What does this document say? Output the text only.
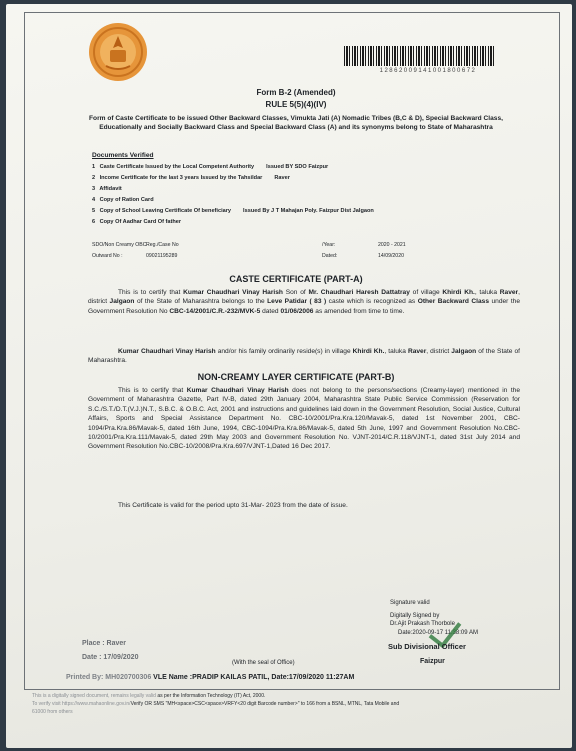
12862009141001800672
Form B-2 (Amended)
RULE 5(5)(4)(IV)
Form of Caste Certificate to be issued Other Backward Classes, Vimukta Jati (A) Nomadic Tribes (B,C & D), Special Backward Class, Educationally and Socially Backward Class and Special Backward Class (A) and its synonyms belong to State of Maharashtra
Documents Verified
1 Caste Certificate Issued by the Local Competent Authority Issued BY SDO Faizpur
2 Income Certificate for the last 3 years Issued by the Tahsildar Raver
3 Affidavit
4 Copy of Ration Card
5 Copy of School Leaving Certificate Of beneficiary Issued By J T Mahajan Poly. Faizpur Dist Jalgaon
6 Copy Of Aadhar Card Of father
SDO/Non Creamy OBC Reg./Case No	/Year:	2020 - 2021
Outward No :	09021195289	Dated:	14/09/2020
CASTE CERTIFICATE (PART-A)
This is to certify that Kumar Chaudhari Vinay Harish Son of Mr. Chaudhari Haresh Dattatray of village Khirdi Kh., taluka Raver, district Jalgaon of the State of Maharashtra belongs to the Leve Patidar ( 83 ) caste which is recognized as Other Backward Class under the Government Resolution No CBC-14/2001/C.R.-232/MVK-5 dated 01/06/2006 as amended from time to time.
Kumar Chaudhari Vinay Harish and/or his family ordinarily reside(s) in village Khirdi Kh., taluka Raver, district Jalgaon of the State of Maharashtra.
NON-CREAMY LAYER CERTIFICATE (PART-B)
This is to certify that Kumar Chaudhari Vinay Harish does not belong to the persons/sections (Creamy-layer) mentioned in the Government of Maharashtra Gazette, Part IV-B, dated 29th January 2004, Maharashtra State Public Service Commission (Reservation for S.C./S.T./D.T.(V.J.)N.T., S.B.C. & O.B.C. Act, 2001 and instructions and guidelines laid down in the Government Resolution, Social Justice, Cultural Affairs, Sports and Special Assistance Department No. CBC-10/2001/Pra.Kra.120/Mavak-5, dated 1st November 2001, CBC-1094/Pra.Kra.86/Mavak-5, dated 16th June, 1994, CBC-1094/Pra.Kra.86/Mavak-5, dated 5th June, 1997 and Government Resolution No.CBC- 10/2001/Pra.Kra.111/Mavak-5, dated 29th May 2003 and Government Resolution No. VJNT-2014/C.R.118/VJNT-1, dated 31st July 2014 and Government Resolution No.CBC-10/2008/Pra.Kra.697/VJNT-1,Dated 16 Dec 2017.
This Certificate is valid for the period upto 31-Mar- 2023 from the date of issue.
Signature valid
Digitally Signed by
Dr.Ajit Prakash Thorbole
Date:2020-09-17 11:38:09 AM
Sub Divisional Officer
Place : Raver
Date : 17/09/2020
(With the seal of Office)	Faizpur
Printed By: MH020700306 VLE Name :PRADIP KAILAS PATIL, Date:17/09/2020 11:27AM
This is a digitally signed document, remains legally valid as per the Information Technology (IT) Act, 2000.
To verify visit https://www.mahaonline.gov.in/Verify OR SMS "MH<space>CSC<space>VRFY<20 digit Barcode number>" to 166 from a BSNL, MTNL, Tata Mobile and
61000 from others
